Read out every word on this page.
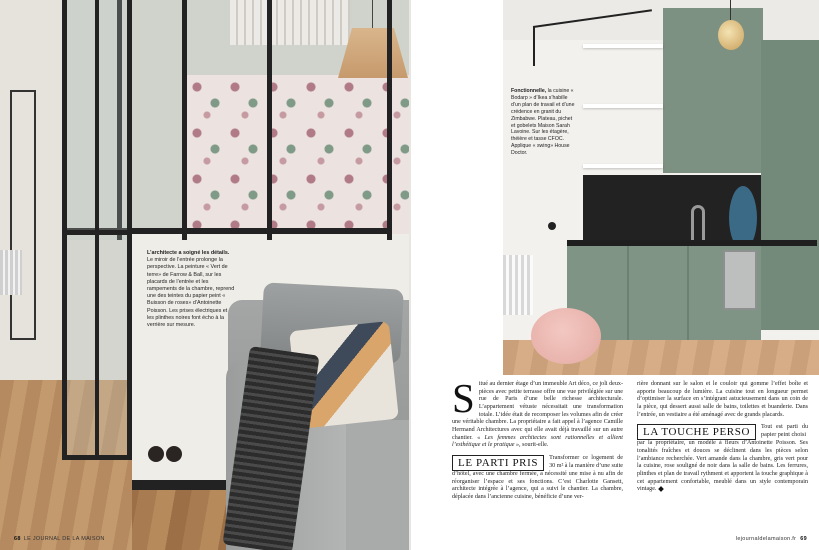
L’architecte a soigné les détails. Le miroir de l’entrée prolonge la perspective. La peinture « Vert de terre» de Farrow & Ball, sur les placards de l’entrée et les rampements de la chambre, reprend une des teintes du papier peint « Buisson de roses» d’Antoinette Poisson. Les prises électriques et les plinthes noires font écho à la verrière sur mesure.

68 LE JOURNAL DE LA MAISON

Fonctionnelle, la cuisine « Bodarp » d’Ikea s’habille d’un plan de travail et d’une crédence en granit du Zimbabwe. Plateau, pichet et gobelets Maison Sarah Lavoine. Sur les étagère, théière et tasse CFOC. Applique « swing» House Doctor.

Situé au dernier étage d’un immeuble Art déco, ce joli deux-pièces avec petite terrasse offre une vue privilégiée sur une rue de Paris d’une belle richesse architecturale. L’appartement vétuste nécessitait une transformation totale. L’idée était de recomposer les volumes afin de créer une véritable chambre. La propriétaire a fait appel à l’agence Camille Hermand Architectures avec qui elle avait déjà travaillé sur un autre chantier. « Les femmes architectes sont rationnelles et allient l’esthétique et le pratique », sourit-elle.

LE PARTI PRIS	Transformer ce logement de 30 m² à la manière d’une suite

d’hôtel, avec une chambre fermée, a nécessité une mise à nu afin de réorganiser l’espace et ses fonctions. C’est Charlotte Gansett, architecte intégrée à l’agence, qui a suivi le chantier. La chambre, déplacée dans l’ancienne cuisine, bénéficie d’une ver-

rière donnant sur le salon et le couloir qui gomme l’effet boîte et apporte beaucoup de lumière. La cuisine tout en longueur permet d’optimiser la surface en s’intégrant astucieusement dans un coin de la pièce, qui dessert aussi salle de bains, toilettes et buanderie. Dans l’entrée, un vestiaire a été aménagé avec de grands placards.

LA TOUCHE PERSO	Tout est parti du papier peint choisi

par la propriétaire, un modèle à fleurs d’Antoinette Poisson. Ses tonalités fraîches et douces se déclinent dans les pièces selon l’ambiance recherchée. Vert amande dans la chambre, gris vert pour la cuisine, rose souligné de noir dans la salle de bains. Les ferrures, plinthes et plan de travail rythment et apportent la touche graphique à cet appartement confortable, meublé dans un style contemporain vintage.

lejournaldelamaison.fr 69
